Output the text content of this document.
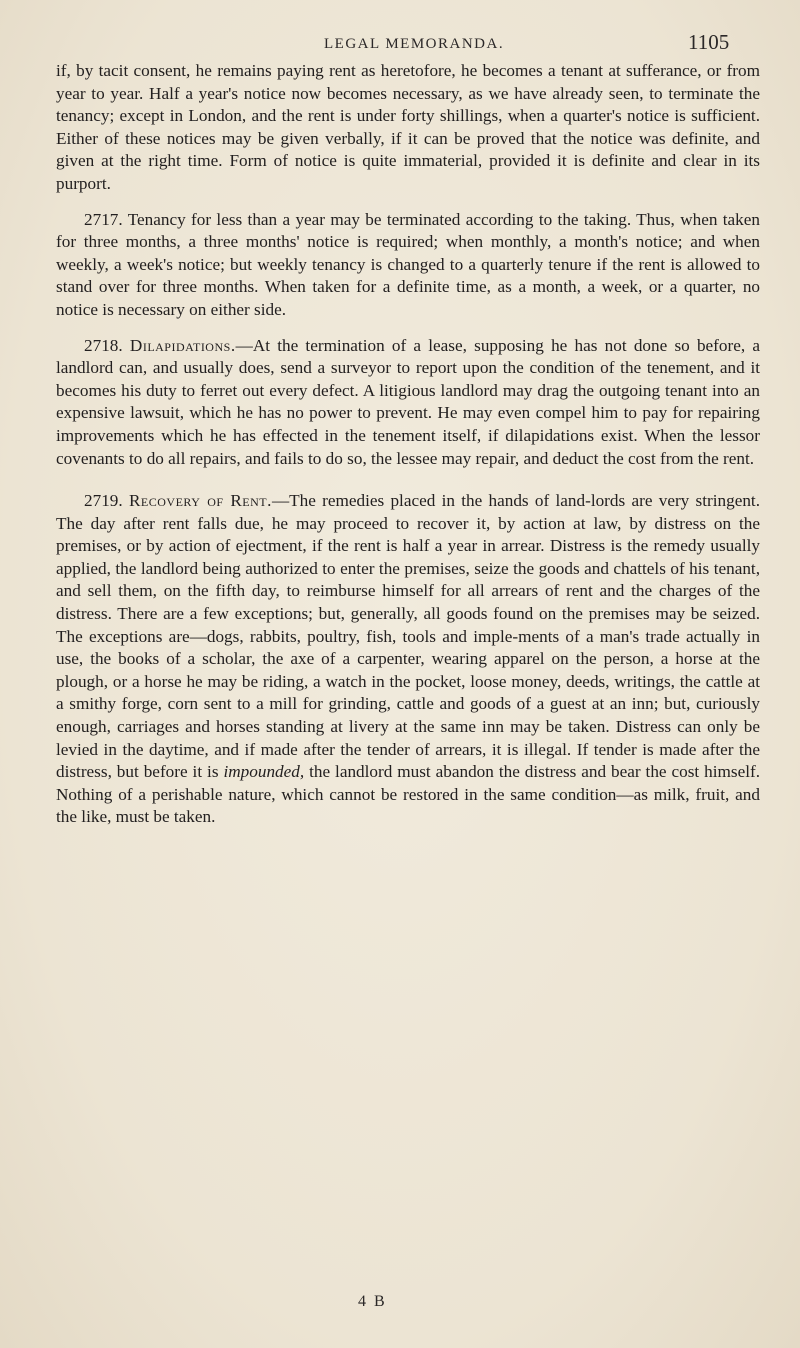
LEGAL MEMORANDA.	1105

if, by tacit consent, he remains paying rent as heretofore, he becomes a tenant at sufferance, or from year to year. Half a year's notice now becomes necessary, as we have already seen, to terminate the tenancy; except in London, and the rent is under forty shillings, when a quarter's notice is sufficient. Either of these notices may be given verbally, if it can be proved that the notice was definite, and given at the right time. Form of notice is quite immaterial, provided it is definite and clear in its purport.

2717. Tenancy for less than a year may be terminated according to the taking. Thus, when taken for three months, a three months' notice is required; when monthly, a month's notice; and when weekly, a week's notice; but weekly tenancy is changed to a quarterly tenure if the rent is allowed to stand over for three months. When taken for a definite time, as a month, a week, or a quarter, no notice is necessary on either side.

2718. Dilapidations.—At the termination of a lease, supposing he has not done so before, a landlord can, and usually does, send a surveyor to report upon the condition of the tenement, and it becomes his duty to ferret out every defect. A litigious landlord may drag the outgoing tenant into an expensive lawsuit, which he has no power to prevent. He may even compel him to pay for repairing improvements which he has effected in the tenement itself, if dilapidations exist. When the lessor covenants to do all repairs, and fails to do so, the lessee may repair, and deduct the cost from the rent.

2719. Recovery of Rent.—The remedies placed in the hands of land-lords are very stringent. The day after rent falls due, he may proceed to recover it, by action at law, by distress on the premises, or by action of ejectment, if the rent is half a year in arrear. Distress is the remedy usually applied, the landlord being authorized to enter the premises, seize the goods and chattels of his tenant, and sell them, on the fifth day, to reimburse himself for all arrears of rent and the charges of the distress. There are a few exceptions; but, generally, all goods found on the premises may be seized. The exceptions are—dogs, rabbits, poultry, fish, tools and imple-ments of a man's trade actually in use, the books of a scholar, the axe of a carpenter, wearing apparel on the person, a horse at the plough, or a horse he may be riding, a watch in the pocket, loose money, deeds, writings, the cattle at a smithy forge, corn sent to a mill for grinding, cattle and goods of a guest at an inn; but, curiously enough, carriages and horses standing at livery at the same inn may be taken. Distress can only be levied in the daytime, and if made after the tender of arrears, it is illegal. If tender is made after the distress, but before it is impounded, the landlord must abandon the distress and bear the cost himself. Nothing of a perishable nature, which cannot be restored in the same condition—as milk, fruit, and the like, must be taken.

4 B
